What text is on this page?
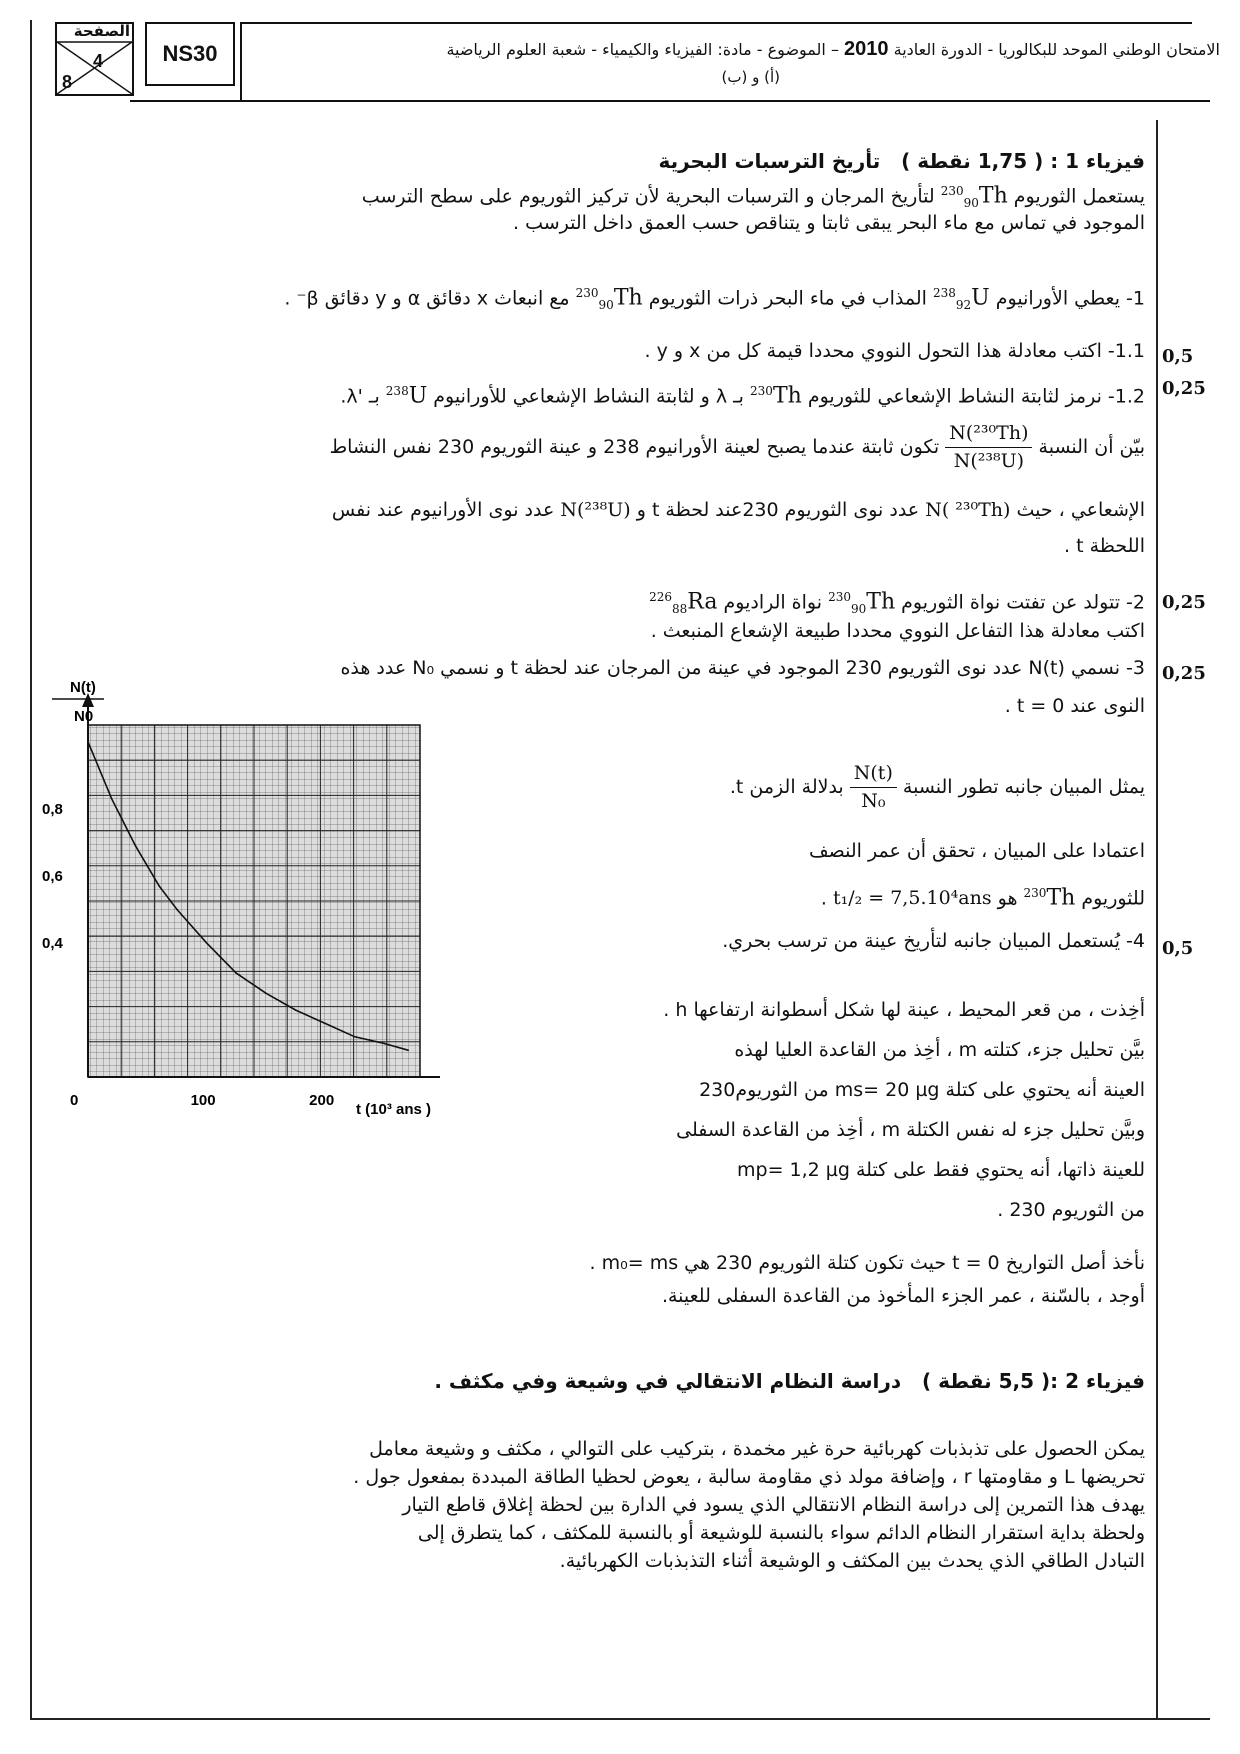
الصفحة
4
8
NS30	الامتحان الوطني الموحد للبكالوريا - الدورة العادية 2010 – الموضوع - مادة: الفيزياء والكيمياء - شعبة العلوم الرياضية
(أ) و (ب)
فيزياء 1 : ( 1,75 نقطة )   تأريخ الترسبات البحرية
يستعمل الثوريوم $^{230}_{90}$Th لتأريخ المرجان و الترسبات البحرية لأن تركيز الثوريوم على سطح الترسب
الموجود في تماس مع ماء البحر يبقى ثابتا و يتناقص حسب العمق داخل الترسب .
1- يعطي الأورانيوم $^{238}_{92}$U المذاب في ماء البحر ذرات الثوريوم $^{230}_{90}$Th مع انبعاث x دقائق α و y دقائق β⁻ .
1.1- اكتب معادلة هذا التحول النووي محددا قيمة كل من x و y . 0,5
1.2- نرمز لثابتة النشاط الإشعاعي للثوريوم $^{230}$Th بـ λ و لثابتة النشاط الإشعاعي للأورانيوم $^{238}$U بـ 'λ.	0,25
بيّن أن النسبة
$\frac{\text{N(²³⁰Th)}}{\text{N(²³⁸U)}}$
تكون ثابتة عندما يصبح لعينة الأورانيوم 238 و عينة الثوريوم 230 نفس النشاط
الإشعاعي ، حيث N( ²³⁰Th) عدد نوى الثوريوم 230عند لحظة t و N(²³⁸U) عدد نوى الأورانيوم عند نفس
اللحظة t .
2- تتولد عن تفتت نواة الثوريوم $^{230}_{90}$Th نواة الراديوم $^{226}_{88}$Ra	0,25
اكتب معادلة هذا التفاعل النووي محددا طبيعة الإشعاع المنبعث .
3- نسمي N(t) عدد نوى الثوريوم 230 الموجود في عينة من المرجان عند لحظة t و نسمي N₀ عدد هذه 0,25
النوى عند t = 0 .
يمثل المبيان جانبه تطور النسبة
$\frac{N(t)}{\text{N₀}}$
بدلالة الزمن t.
اعتمادا على المبيان ، تحقق أن عمر النصف
للثوريوم $^{230}$Th هو t₁/₂ = 7,5.10⁴ans .
4- يُستعمل المبيان جانبه لتأريخ عينة من ترسب بحري. 0,5
أخِذت ، من قعر المحيط ، عينة لها شكل أسطوانة ارتفاعها h .
بيَّن تحليل جزء، كتلته m ، أخِذ من القاعدة العليا لهذه
العينة أنه يحتوي على كتلة ms= 20 µg من الثوريوم230
وبيَّن تحليل جزء له نفس الكتلة m ، أخِذ من القاعدة السفلى
للعينة ذاتها، أنه يحتوي فقط على كتلة mp= 1,2 µg
من الثوريوم 230 .
نأخذ أصل التواريخ t = 0 حيث تكون كتلة الثوريوم 230 هي m₀= ms .
أوجد ، بالسّنة ، عمر الجزء المأخوذ من القاعدة السفلى للعينة.
0	100	200
0,4
0,6
0,8
N(t)
N0
t (10³ ans )
فيزياء 2 :( 5,5 نقطة )   دراسة النظام الانتقالي في وشيعة وفي مكثف .
يمكن الحصول على تذبذبات كهربائية حرة غير مخمدة ، بتركيب على التوالي ، مكثف و وشيعة معامل
تحريضها L و مقاومتها r ، وإضافة مولد ذي مقاومة سالبة ، يعوض لحظيا الطاقة المبددة بمفعول جول .
يهدف هذا التمرين إلى دراسة النظام الانتقالي الذي يسود في الدارة بين لحظة إغلاق قاطع التيار
ولحظة بداية استقرار النظام الدائم سواء بالنسبة للوشيعة أو بالنسبة للمكثف ، كما يتطرق إلى
التبادل الطاقي الذي يحدث بين المكثف و الوشيعة أثناء التذبذبات الكهربائية.
